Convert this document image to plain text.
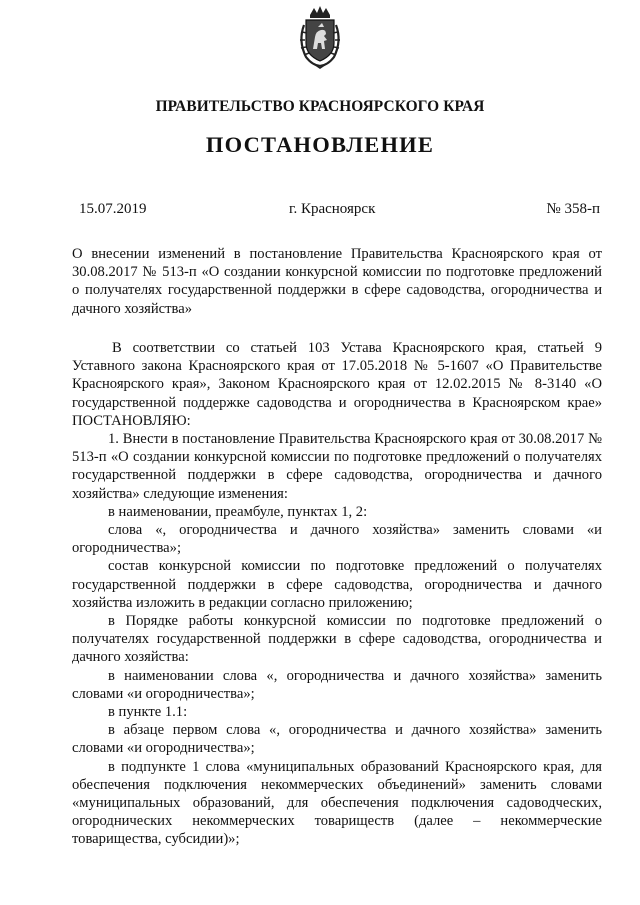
ПРАВИТЕЛЬСТВО КРАСНОЯРСКОГО КРАЯ
ПОСТАНОВЛЕНИЕ
15.07.2019	г. Красноярск	№ 358-п
О внесении изменений в постановление Правительства Красноярского края от 30.08.2017 № 513-п «О создании конкурсной комиссии по подготовке предложений о получателях государственной поддержки в сфере садоводства, огородничества и дачного хозяйства»

В соответствии со статьей 103 Устава Красноярского края, статьей 9 Уставного закона Красноярского края от 17.05.2018 № 5-1607 «О Правительстве Красноярского края», Законом Красноярского края от 12.02.2015 № 8-3140 «О государственной поддержке садоводства и огородничества в Красноярском крае» ПОСТАНОВЛЯЮ:

1. Внести в постановление Правительства Красноярского края от 30.08.2017 № 513-п «О создании конкурсной комиссии по подготовке предложений о получателях государственной поддержки в сфере садоводства, огородничества и дачного хозяйства» следующие изменения:

в наименовании, преамбуле, пунктах 1, 2:

слова «, огородничества и дачного хозяйства» заменить словами «и огородничества»;

состав конкурсной комиссии по подготовке предложений о получателях государственной поддержки в сфере садоводства, огородничества и дачного хозяйства изложить в редакции согласно приложению;

в Порядке работы конкурсной комиссии по подготовке предложений о получателях государственной поддержки в сфере садоводства, огородничества и дачного хозяйства:

в наименовании слова «, огородничества и дачного хозяйства» заменить словами «и огородничества»;

в пункте 1.1:

в абзаце первом слова «, огородничества и дачного хозяйства» заменить словами «и огородничества»;

в подпункте 1 слова «муниципальных образований Красноярского края, для обеспечения подключения некоммерческих объединений» заменить словами «муниципальных образований, для обеспечения подключения садоводческих, огороднических некоммерческих товариществ (далее – некоммерческие товарищества, субсидии)»;
